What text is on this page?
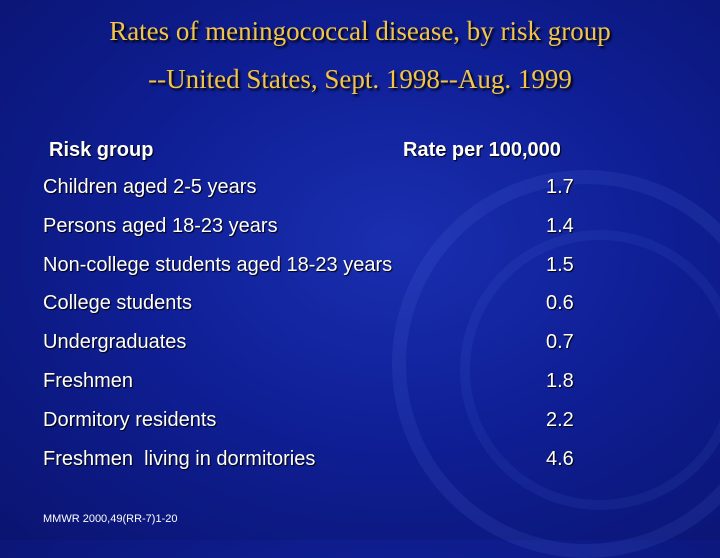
Rates of meningococcal disease, by risk group
--United States, Sept. 1998--Aug. 1999
Risk group	Rate per 100,000
Children aged 2-5 years	1.7
Persons aged 18-23 years	1.4
Non-college students aged 18-23 years	1.5
College students	0.6
Undergraduates	0.7
Freshmen	1.8
Dormitory residents	2.2
Freshmen  living in dormitories	4.6
MMWR 2000,49(RR-7)1-20
